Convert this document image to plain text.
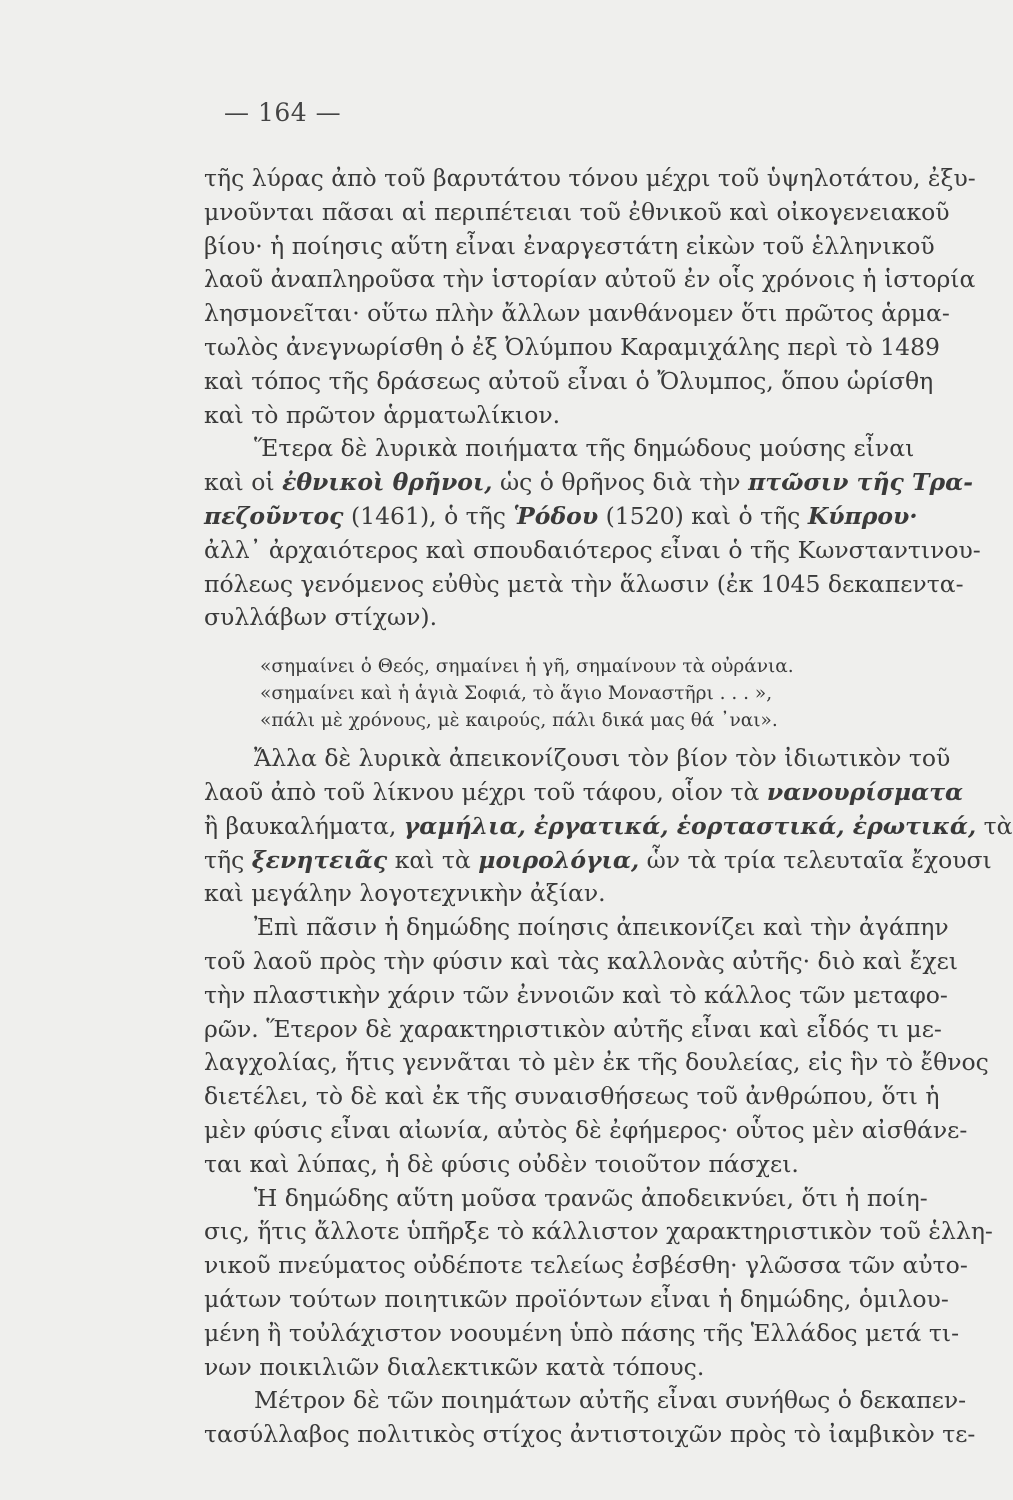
— 164 —
τῆς λύρας ἀπὸ τοῦ βαρυτάτου τόνου μέχρι τοῦ ὑψηλοτάτου, ἐξυ-
μνοῦνται πᾶσαι αἱ περιπέτειαι τοῦ ἐθνικοῦ καὶ οἰκογενειακοῦ
βίου· ἡ ποίησις αὕτη εἶναι ἐναργεστάτη εἰκὼν τοῦ ἑλληνικοῦ
λαοῦ ἀναπληροῦσα τὴν ἱστορίαν αὐτοῦ ἐν οἷς χρόνοις ἡ ἱστορία
λησμονεῖται· οὕτω πλὴν ἄλλων μανθάνομεν ὅτι πρῶτος ἁρμα-
τωλὸς ἀνεγνωρίσθη ὁ ἐξ Ὀλύμπου Καραμιχάλης περὶ τὸ 1489
καὶ τόπος τῆς δράσεως αὐτοῦ εἶναι ὁ Ὄλυμπος, ὅπου ὡρίσθη
καὶ τὸ πρῶτον ἁρματωλίκιον.
Ἕτερα δὲ λυρικὰ ποιήματα τῆς δημώδους μούσης εἶναι
καὶ οἱ ἐθνικοὶ θρῆνοι, ὡς ὁ θρῆνος διὰ τὴν πτῶσιν τῆς Τρα-
πεζοῦντος (1461), ὁ τῆς Ῥόδου (1520) καὶ ὁ τῆς Κύπρου·
ἀλλ᾽ ἀρχαιότερος καὶ σπουδαιότερος εἶναι ὁ τῆς Κωνσταντινου-
πόλεως γενόμενος εὐθὺς μετὰ τὴν ἅλωσιν (ἐκ 1045 δεκαπεντα-
συλλάβων στίχων).
«σημαίνει ὁ Θεός, σημαίνει ἡ γῆ, σημαίνουν τὰ οὐράνια.
«σημαίνει καὶ ἡ ἁγιὰ Σοφιά, τὸ ἅγιο Μοναστῆρι . . . »,
«πάλι μὲ χρόνους, μὲ καιρούς, πάλι δικά μας θά ᾽ναι».
Ἄλλα δὲ λυρικὰ ἀπεικονίζουσι τὸν βίον τὸν ἰδιωτικὸν τοῦ
λαοῦ ἀπὸ τοῦ λίκνου μέχρι τοῦ τάφου, οἷον τὰ νανουρίσματα
ἢ βαυκαλήματα, γαμήλια, ἐργατικά, ἑορταστικά, ἐρωτικά, τὰ
τῆς ξενητειᾶς καὶ τὰ μοιρολόγια, ὧν τὰ τρία τελευταῖα ἔχουσι
καὶ μεγάλην λογοτεχνικὴν ἀξίαν.
Ἐπὶ πᾶσιν ἡ δημώδης ποίησις ἀπεικονίζει καὶ τὴν ἀγάπην
τοῦ λαοῦ πρὸς τὴν φύσιν καὶ τὰς καλλονὰς αὐτῆς· διὸ καὶ ἔχει
τὴν πλαστικὴν χάριν τῶν ἐννοιῶν καὶ τὸ κάλλος τῶν μεταφο-
ρῶν. Ἕτερον δὲ χαρακτηριστικὸν αὐτῆς εἶναι καὶ εἶδός τι με-
λαγχολίας, ἥτις γεννᾶται τὸ μὲν ἐκ τῆς δουλείας, εἰς ἣν τὸ ἔθνος
διετέλει, τὸ δὲ καὶ ἐκ τῆς συναισθήσεως τοῦ ἀνθρώπου, ὅτι ἡ
μὲν φύσις εἶναι αἰωνία, αὐτὸς δὲ ἐφήμερος· οὗτος μὲν αἰσθάνε-
ται καὶ λύπας, ἡ δὲ φύσις οὐδὲν τοιοῦτον πάσχει.
Ἡ δημώδης αὕτη μοῦσα τρανῶς ἀποδεικνύει, ὅτι ἡ ποίη-
σις, ἥτις ἄλλοτε ὑπῆρξε τὸ κάλλιστον χαρακτηριστικὸν τοῦ ἑλλη-
νικοῦ πνεύματος οὐδέποτε τελείως ἐσβέσθη· γλῶσσα τῶν αὐτο-
μάτων τούτων ποιητικῶν προϊόντων εἶναι ἡ δημώδης, ὁμιλου-
μένη ἢ τοὐλάχιστον νοουμένη ὑπὸ πάσης τῆς Ἑλλάδος μετά τι-
νων ποικιλιῶν διαλεκτικῶν κατὰ τόπους.
Μέτρον δὲ τῶν ποιημάτων αὐτῆς εἶναι συνήθως ὁ δεκαπεν-
τασύλλαβος πολιτικὸς στίχος ἀντιστοιχῶν πρὸς τὸ ἰαμβικὸν τε-
